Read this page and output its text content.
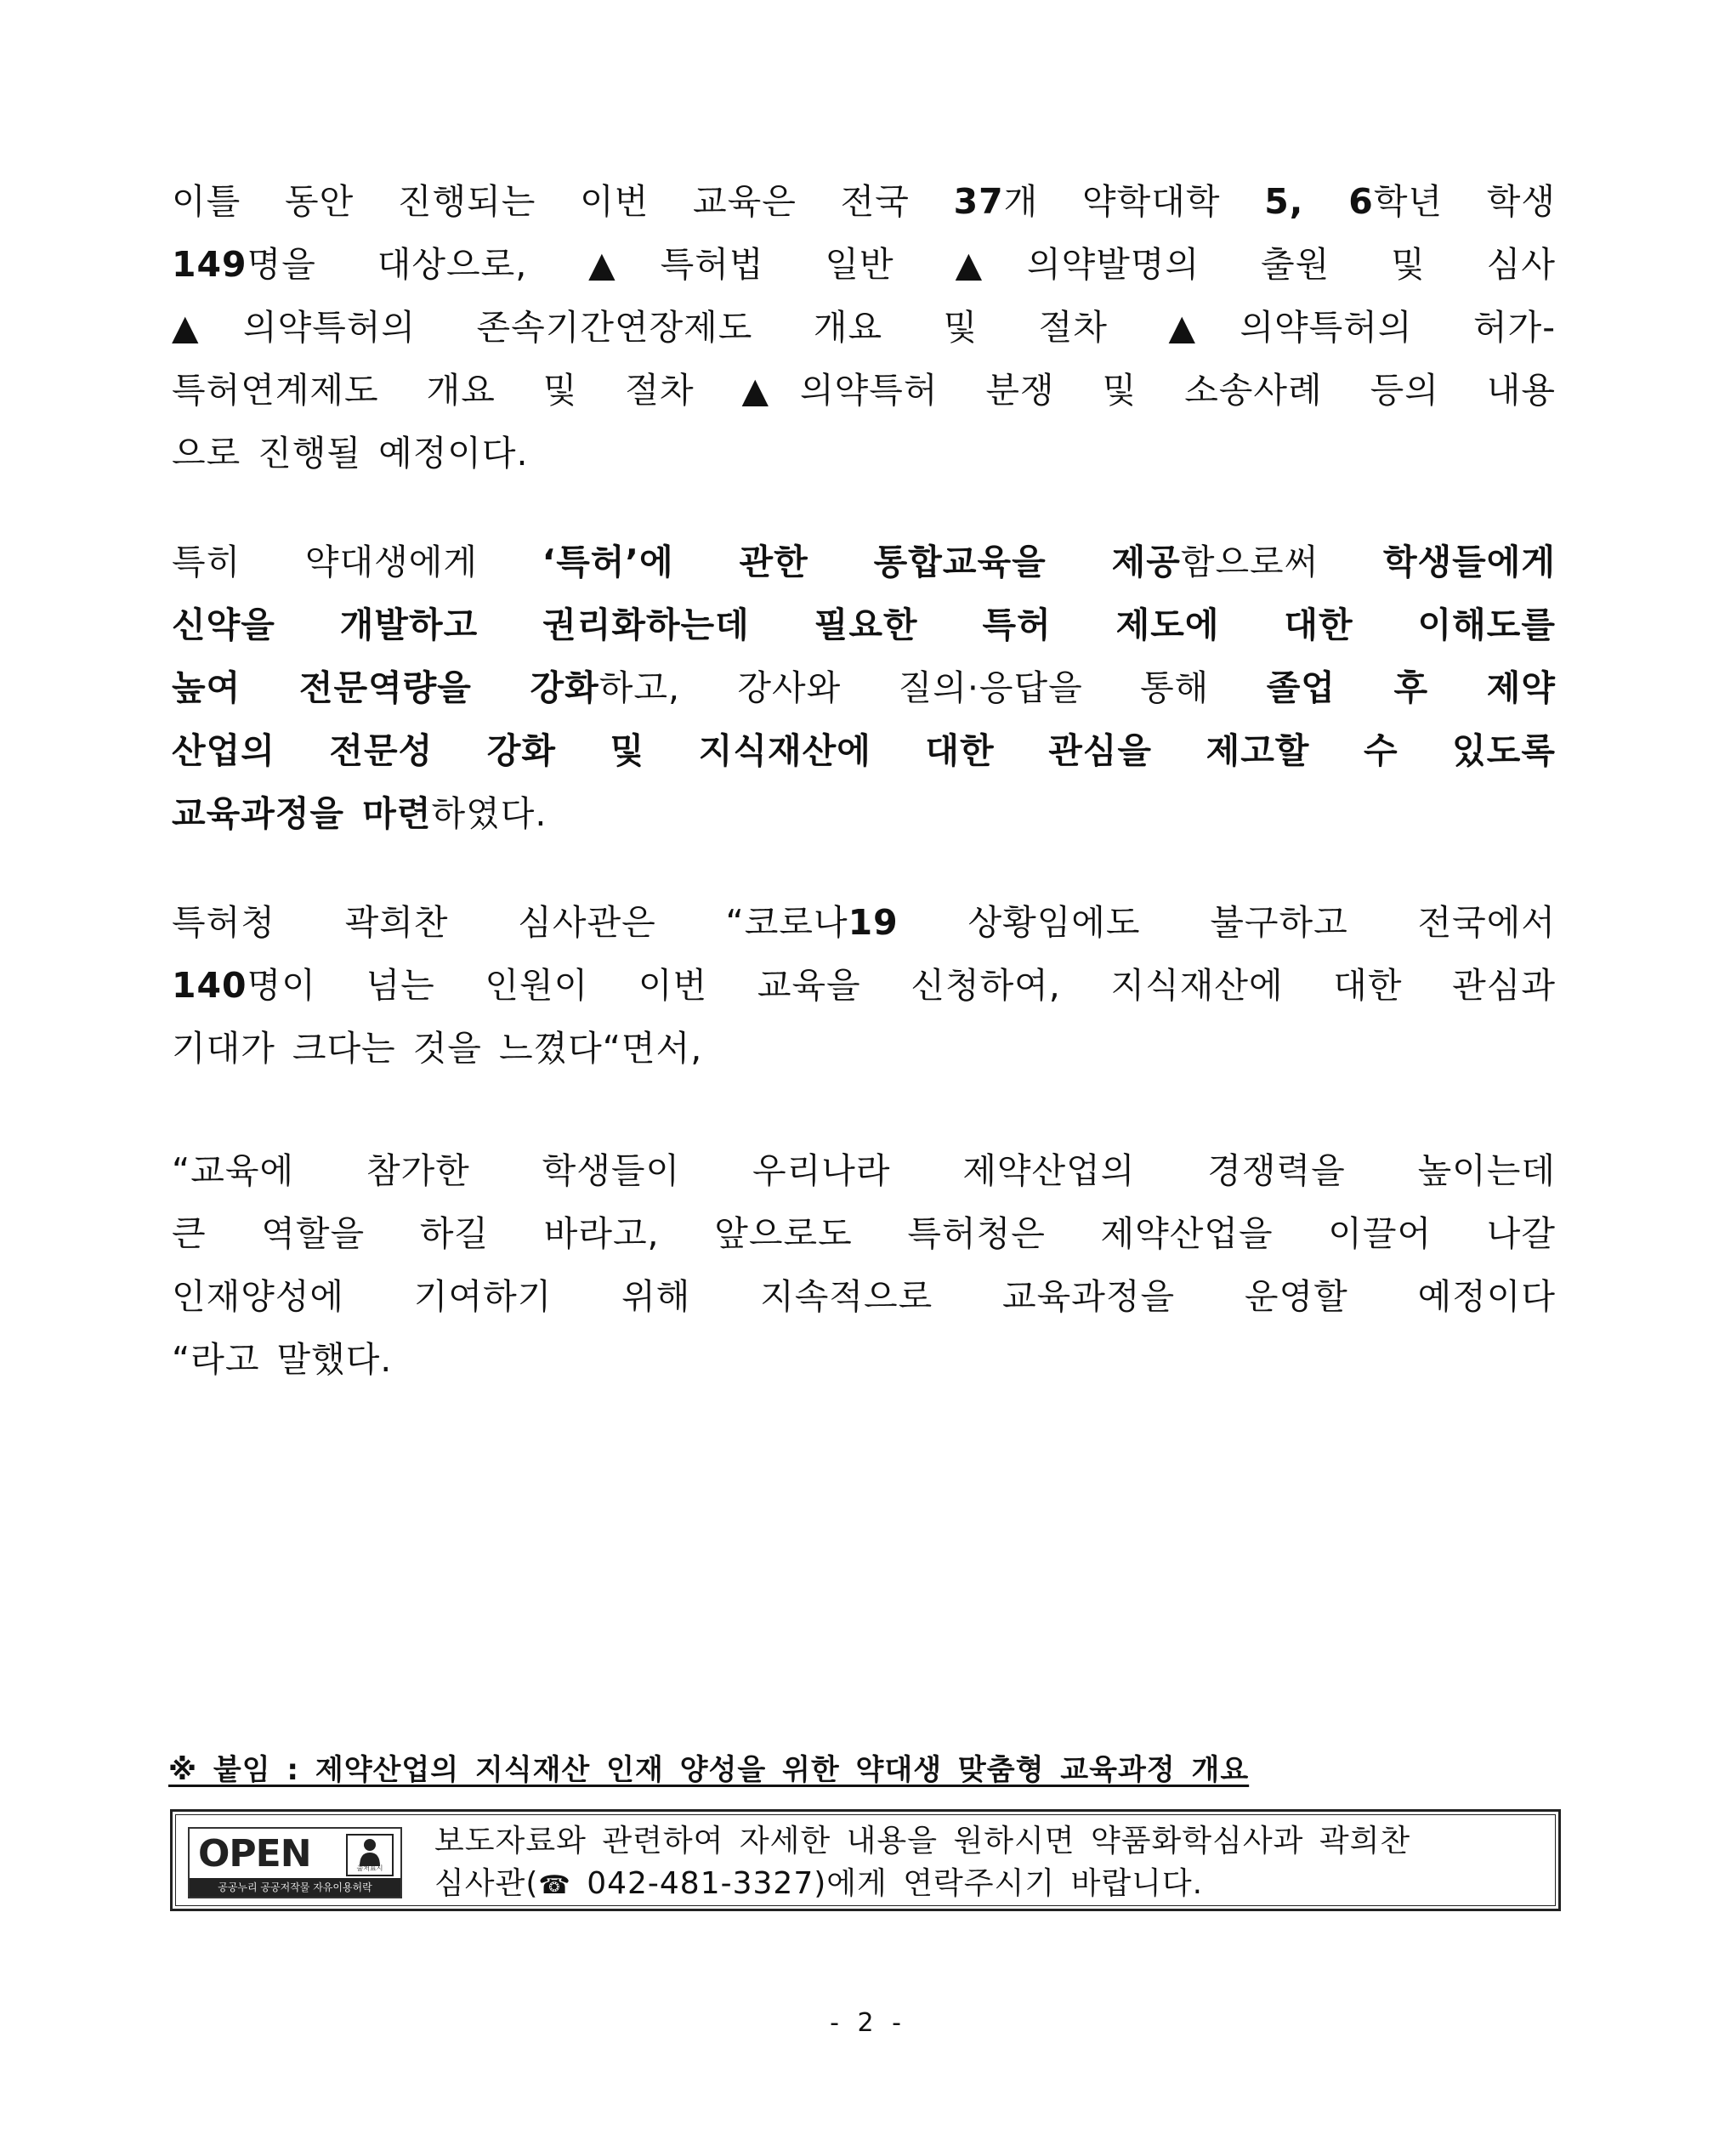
이틀 동안 진행되는 이번 교육은 전국 37개 약학대학 5, 6학년 학생
149명을 대상으로, ▲특허법 일반 ▲의약발명의 출원 및 심사
▲의약특허의 존속기간연장제도 개요 및 절차 ▲의약특허의 허가-
특허연계제도 개요 및 절차 ▲의약특허 분쟁 및 소송사례 등의 내용
으로 진행될 예정이다.
특히 약대생에게 ‘특허’에 관한 통합교육을 제공함으로써 학생들에게
신약을 개발하고 권리화하는데 필요한 특허 제도에 대한 이해도를
높여 전문역량을 강화하고, 강사와 질의·응답을 통해 졸업 후 제약
산업의 전문성 강화 및 지식재산에 대한 관심을 제고할 수 있도록
교육과정을 마련하였다.
특허청 곽희찬 심사관은 “코로나19 상황임에도 불구하고 전국에서
140명이 넘는 인원이 이번 교육을 신청하여, 지식재산에 대한 관심과
기대가 크다는 것을 느꼈다“면서,
“교육에 참가한 학생들이 우리나라 제약산업의 경쟁력을 높이는데
큰 역할을 하길 바라고, 앞으로도 특허청은 제약산업을 이끌어 나갈
인재양성에 기여하기 위해 지속적으로 교육과정을 운영할 예정이다
“라고 말했다.
※ 붙임 : 제약산업의 지식재산 인재 양성을 위한 약대생 맞춤형 교육과정 개요
OPEN	출처표시
공공누리 공공저작물 자유이용허락
보도자료와 관련하여 자세한 내용을 원하시면 약품화학심사과 곽희찬
심사관(☎ 042-481-3327)에게 연락주시기 바랍니다.
- 2 -
